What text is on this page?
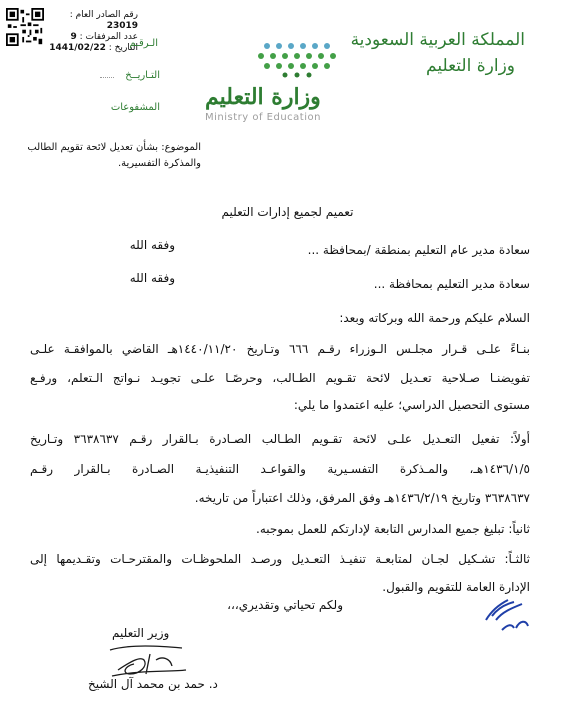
رقم الصادر العام : 23019
عدد المرفقات : 9
التاريخ : 1441/02/22	الـرقـم
التـاريــخ
المشفوعات
المملكة العربية السعودية
وزارة التعليم
وزارة التعليم
Ministry of Education
الموضوع: بشأن تعديل لائحة تقويم الطالب
والمذكرة التفسيرية.
تعميم لجميع إدارات التعليم
سعادة مدير عام التعليم بمنطقة /بمحافظة ...
وفقه الله
سعادة مدير التعليم بمحافظة ...
وفقه الله
السلام عليكم ورحمة الله وبركاته وبعد:
بنـاءً علـى قـرار مجلـس الـوزراء رقـم ٦٦٦ وتـاريخ ١٤٤٠/١١/٢٠هـ القاضي بالموافقـة علـى
تفويضنـا صـلاحية تعـديل لائحة تقـويم الطـالب، وحرصًـا علـى تجويـد نـواتج الـتعلم، ورفـع
مستوى التحصيل الدراسي؛ عليه اعتمدوا ما يلي:
أولاً: تفعيل التعـديل علـى لائحة تقـويم الطـالب الصـادرة بـالقرار رقـم ٣٦٣٨٦٣٧ وتـاريخ
١٤٣٦/١/٥هـ، والمـذكرة التفسـيرية والقواعـد التنفيذيـة الصـادرة بـالقرار رقـم
٣٦٣٨٦٣٧ وتاريخ ١٤٣٦/٢/١٩هـ وفق المرفق، وذلك اعتباراً من تاريخه.
ثانياً: تبليغ جميع المدارس التابعة لإدارتكم للعمل بموجبه.
ثالثـاً: تشـكيل لجـان لمتابعـة تنفيـذ التعـديل ورصـد الملحوظـات والمقترحـات وتقـديمها إلى
الإدارة العامة للتقويم والقبول.
ولكم تحياتي وتقديري،،،
وزير التعليم
د. حمد بن محمد آل الشيخ
